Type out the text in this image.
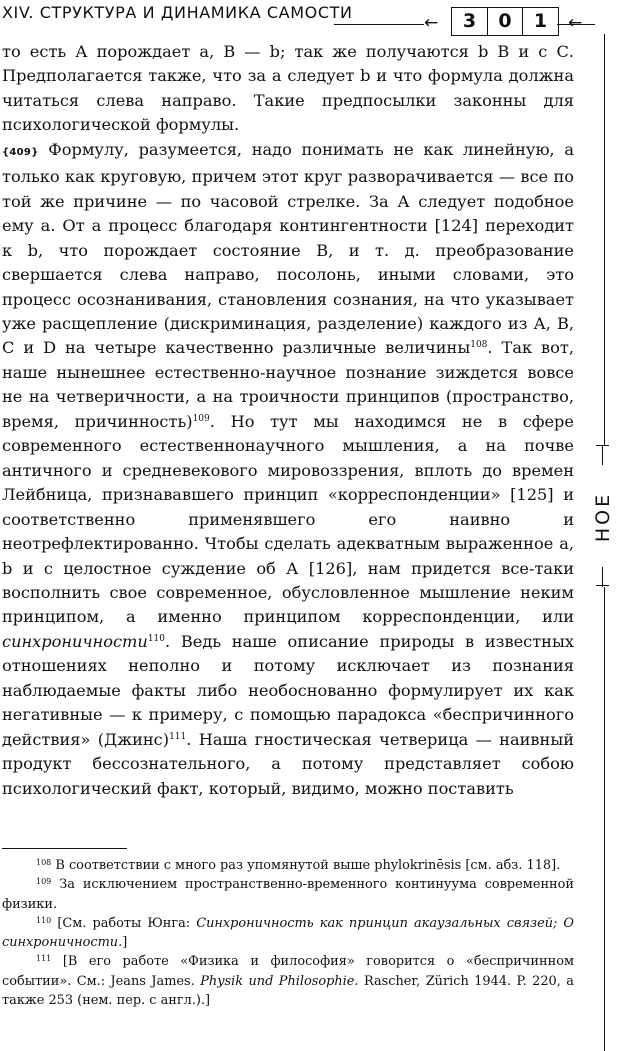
XIV. СТРУКТУРА И ДИНАМИКА САМОСТИ
←	3	0	1	←
HOE

то есть А порождает а, В — b; так же получаются b В и с С. Предполагается также, что за а следует b и что формула должна читаться слева направо. Такие предпосылки законны для психологической формулы.

{409} Формулу, разумеется, надо понимать не как линейную, а только как круговую, причем этот круг разворачивается — все по той же причине — по часовой стрелке. За А следует подобное ему а. От а процесс благодаря контингентности [124] переходит к b, что порождает состояние В, и т. д. преобразование свершается слева направо, посолонь, иными словами, это процесс осознанивания, становления сознания, на что указывает уже расщепление (дискриминация, разделение) каждого из А, В, С и D на четыре качественно различные величины$^{108}$. Так вот, наше нынешнее естественно-научное познание зиждется вовсе не на четверичности, а на троичности принципов (пространство, время, причинность)$^{109}$. Но тут мы находимся не в сфере современного естественнонаучного мышления, а на почве античного и средневекового мировоззрения, вплоть до времен Лейбница, признававшего принцип «корреспонденции» [125] и соответственно применявшего его наивно и неотрефлектированно. Чтобы сделать адекватным выраженное а, b и с целостное суждение об А [126], нам придется все-таки восполнить свое современное, обусловленное мышление неким принципом, а именно принципом корреспонденции, или синхроничности$^{110}$. Ведь наше описание природы в известных отношениях неполно и потому исключает из познания наблюдаемые факты либо необоснованно формулирует их как негативные — к примеру, с помощью парадокса «беспричинного действия» (Джинс)$^{111}$. Наша гностическая четверица — наивный продукт бессознательного, а потому представляет собою психологический факт, который, видимо, можно поставить

$^{108}$ В соответствии с много раз упомянутой выше phylokrinēsis [см. абз. 118].

$^{109}$ За исключением пространственно-временного континуума современной физики.

$^{110}$ [См. работы Юнга: Синхроничность как принцип акаузальных связей; О синхроничности.]

$^{111}$ [В его работе «Физика и философия» говорится о «беспричинном событии». См.: Jeans James. Physik und Philosophie. Rascher, Zürich 1944. P. 220, а также 253 (нем. пер. с англ.).]
